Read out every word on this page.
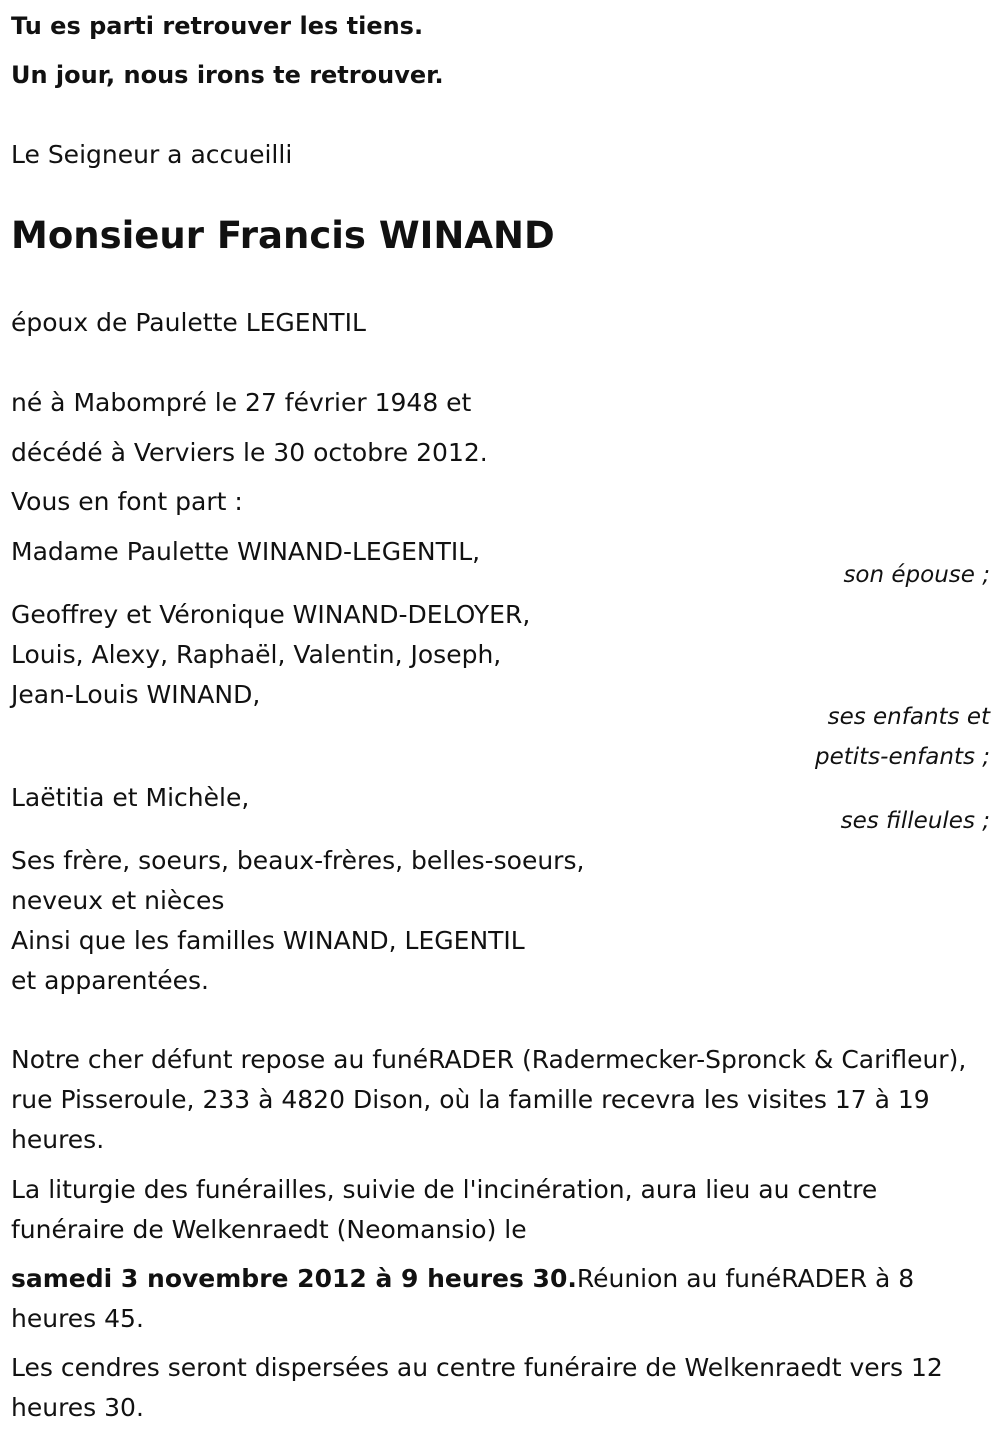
Tu es parti retrouver les tiens.
Un jour, nous irons te retrouver.
Le Seigneur a accueilli
Monsieur Francis WINAND
époux de Paulette LEGENTIL
né à Mabompré le 27 février 1948 et
décédé à Verviers le 30 octobre 2012.
Vous en font part :
Madame Paulette WINAND-LEGENTIL,
son épouse ;
Geoffrey et Véronique WINAND-DELOYER,
Louis, Alexy, Raphaël, Valentin, Joseph,
Jean-Louis WINAND,
ses enfants et
petits-enfants ;
Laëtitia et Michèle,
ses filleules ;
Ses frère, soeurs, beaux-frères, belles-soeurs,
neveux et nièces
Ainsi que les familles WINAND, LEGENTIL
et apparentées.

Notre cher défunt repose au funéRADER (Radermecker-Spronck & Carifleur), rue Pisseroule, 233 à 4820 Dison, où la famille recevra les visites 17 à 19 heures.

La liturgie des funérailles, suivie de l'incinération, aura lieu au centre funéraire de Welkenraedt (Neomansio) le

samedi 3 novembre 2012 à 9 heures 30.Réunion au funéRADER à 8 heures 45.

Les cendres seront dispersées au centre funéraire de Welkenraedt vers 12 heures 30.
